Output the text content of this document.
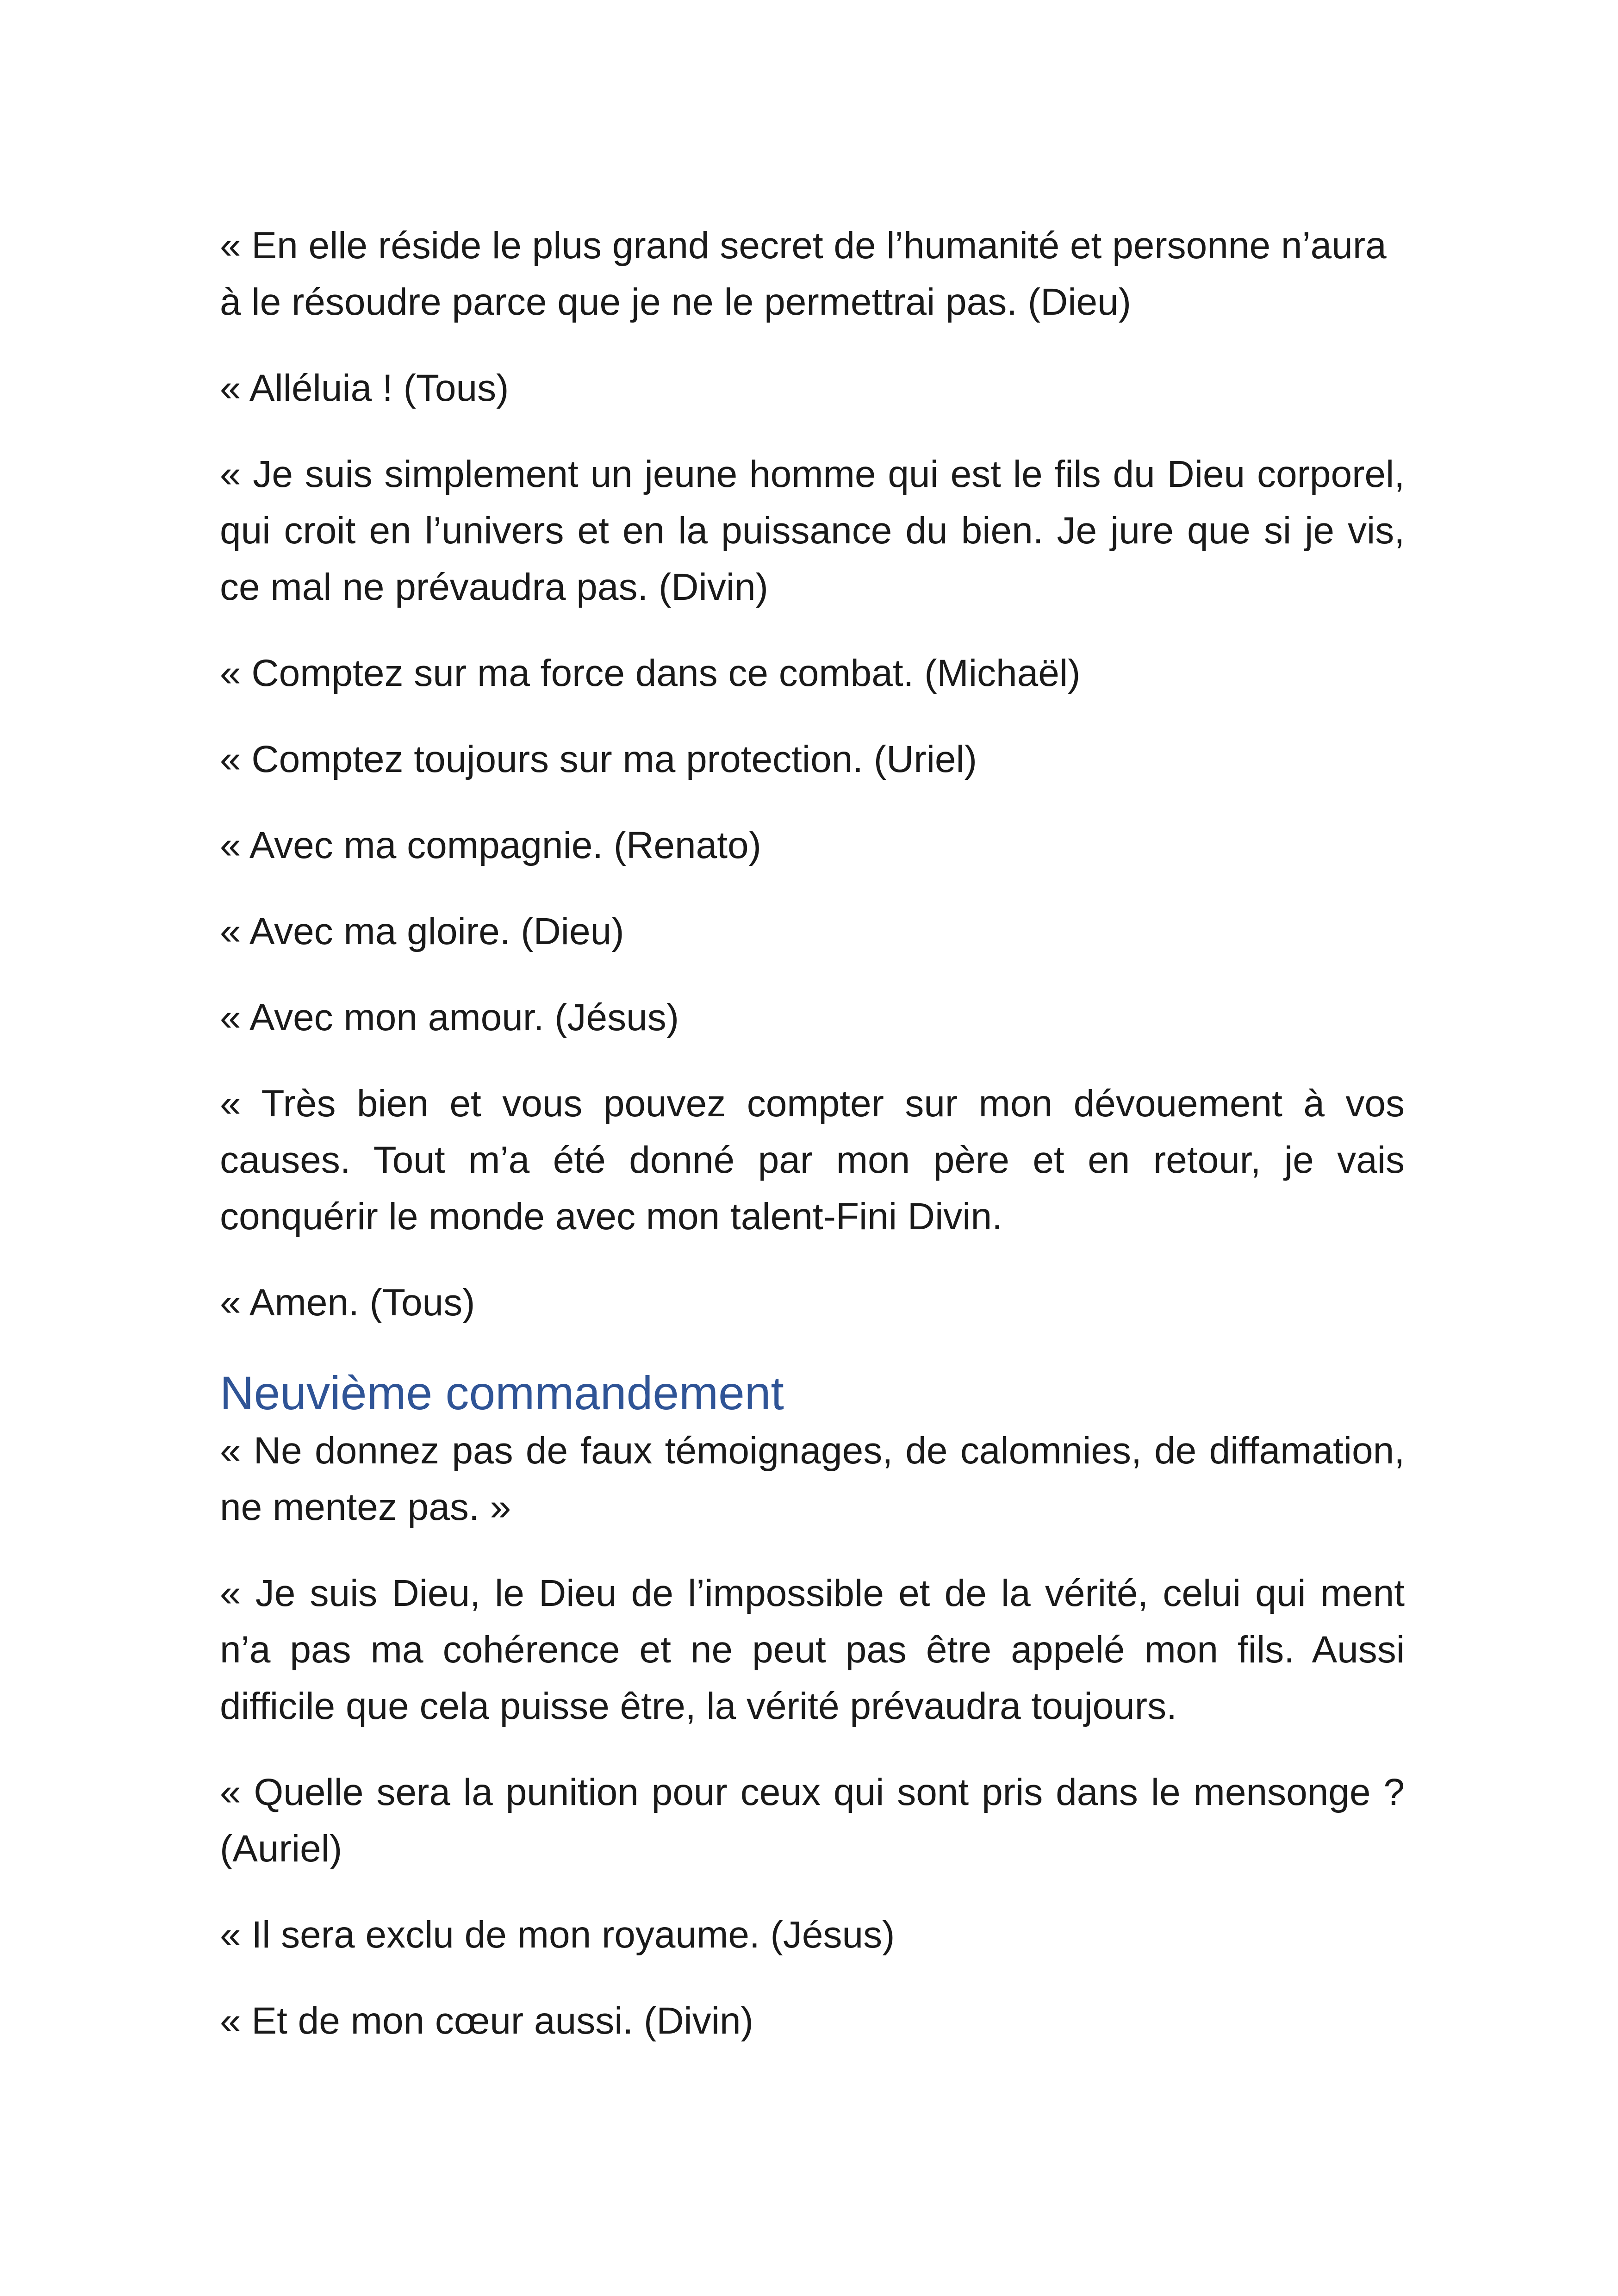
« En elle réside le plus grand secret de l’humanité et personne n’aura à le résoudre parce que je ne le permettrai pas. (Dieu)

« Alléluia ! (Tous)

« Je suis simplement un jeune homme qui est le fils du Dieu corporel, qui croit en l’univers et en la puissance du bien. Je jure que si je vis, ce mal ne prévaudra pas. (Divin)

« Comptez sur ma force dans ce combat. (Michaël)

« Comptez toujours sur ma protection. (Uriel)

« Avec ma compagnie. (Renato)

« Avec ma gloire. (Dieu)

« Avec mon amour. (Jésus)

« Très bien et vous pouvez compter sur mon dévouement à vos causes. Tout m’a été donné par mon père et en retour, je vais conquérir le monde avec mon talent-Fini Divin.

« Amen. (Tous)

Neuvième commandement

« Ne donnez pas de faux témoignages, de calomnies, de diffamation, ne mentez pas. »

« Je suis Dieu, le Dieu de l’impossible et de la vérité, celui qui ment n’a pas ma cohérence et ne peut pas être appelé mon fils. Aussi difficile que cela puisse être, la vérité prévaudra toujours.

« Quelle sera la punition pour ceux qui sont pris dans le mensonge ? (Auriel)

« Il sera exclu de mon royaume. (Jésus)

« Et de mon cœur aussi. (Divin)
